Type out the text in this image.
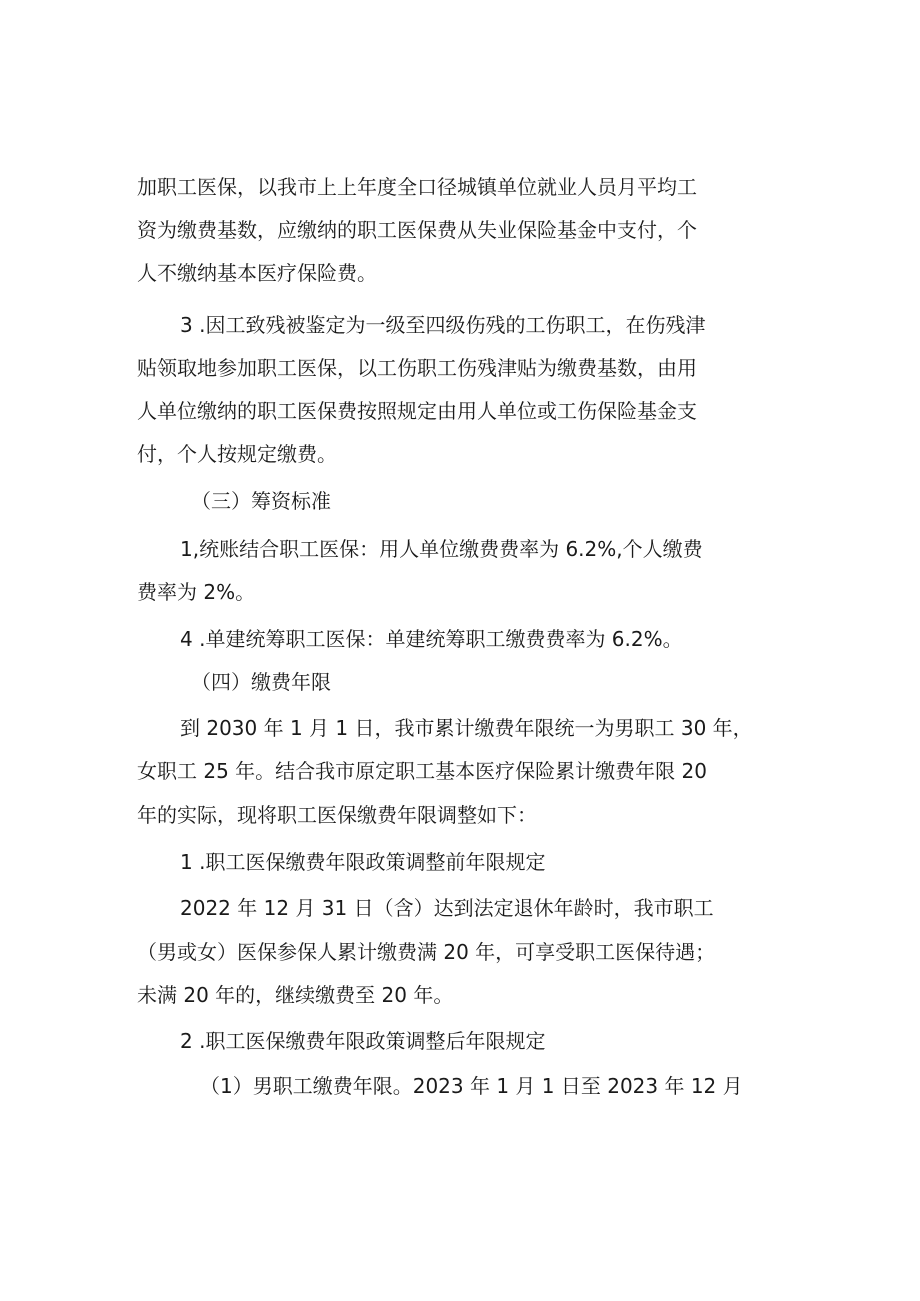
加职工医保，以我市上上年度全口径城镇单位就业人员月平均工
资为缴费基数，应缴纳的职工医保费从失业保险基金中支付，个
人不缴纳基本医疗保险费。
3 .因工致残被鉴定为一级至四级伤残的工伤职工，在伤残津
贴领取地参加职工医保，以工伤职工伤残津贴为缴费基数，由用
人单位缴纳的职工医保费按照规定由用人单位或工伤保险基金支
付，个人按规定缴费。
（三）筹资标准
1,统账结合职工医保：用人单位缴费费率为 6.2%,个人缴费
费率为 2%。
4 .单建统筹职工医保：单建统筹职工缴费费率为 6.2%。
（四）缴费年限
到 2030 年 1 月 1 日，我市累计缴费年限统一为男职工 30 年，
女职工 25 年。结合我市原定职工基本医疗保险累计缴费年限 20
年的实际，现将职工医保缴费年限调整如下：
1 .职工医保缴费年限政策调整前年限规定
2022 年 12 月 31 日（含）达到法定退休年龄时，我市职工
（男或女）医保参保人累计缴费满 20 年，可享受职工医保待遇；
未满 20 年的，继续缴费至 20 年。
2 .职工医保缴费年限政策调整后年限规定
（1）男职工缴费年限。2023 年 1 月 1 日至 2023 年 12 月
